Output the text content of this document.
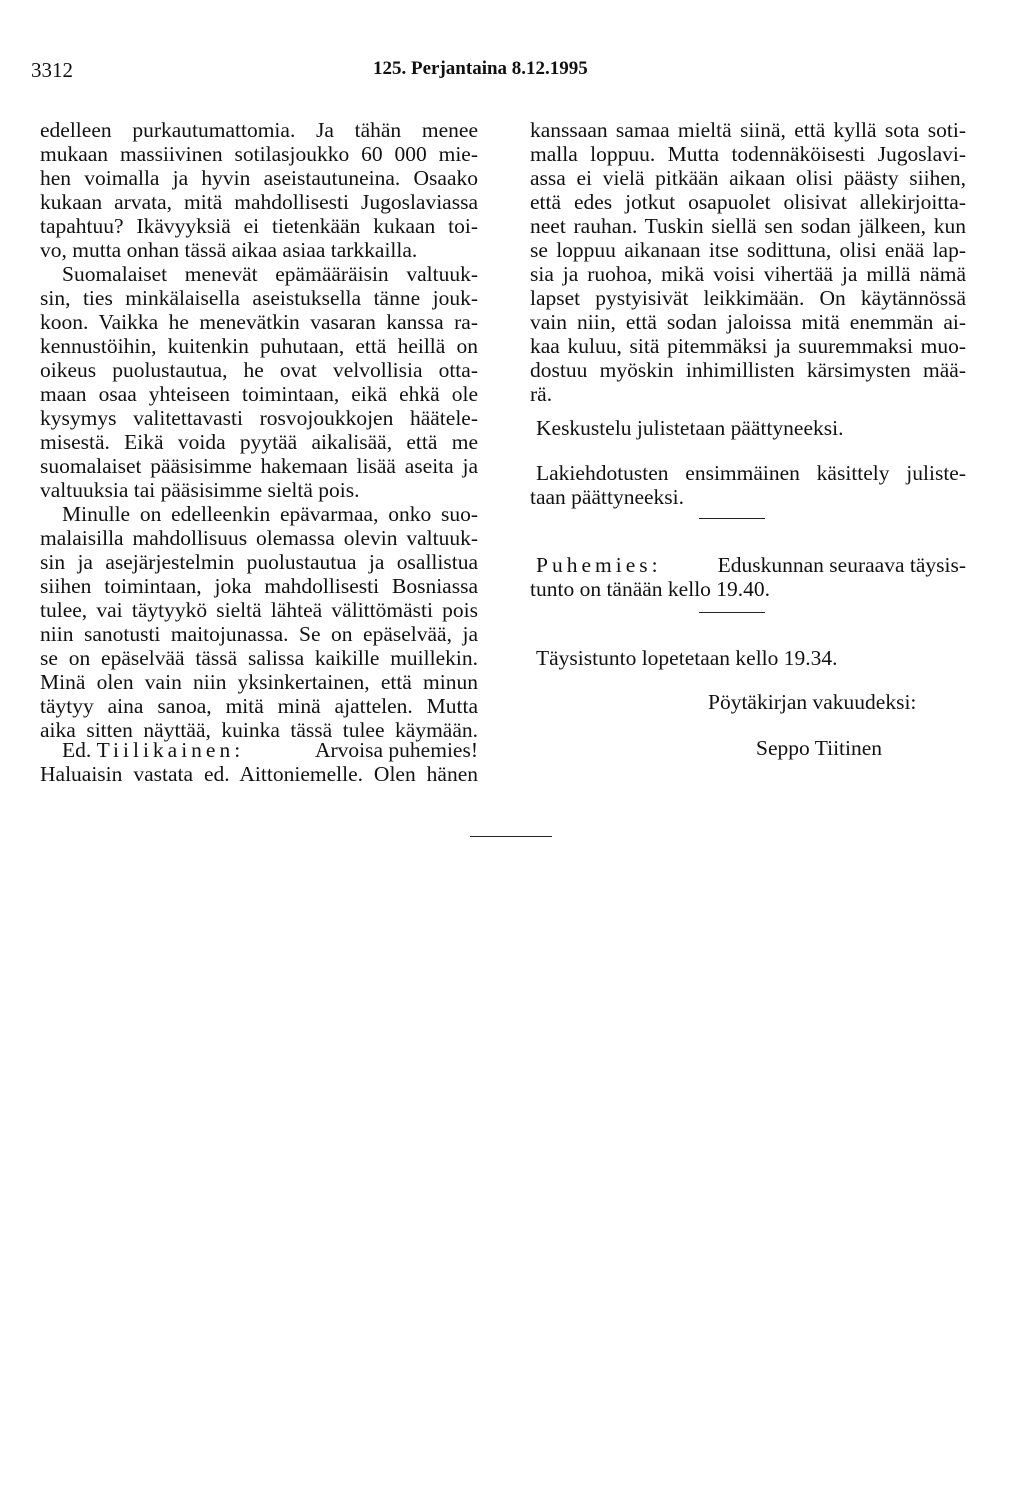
3312	125. Perjantaina 8.12.1995
edelleen purkautumattomia. Ja tähän menee
mukaan massiivinen sotilasjoukko 60 000 mie-
hen voimalla ja hyvin aseistautuneina. Osaako
kukaan arvata, mitä mahdollisesti Jugoslaviassa
tapahtuu? Ikävyyksiä ei tietenkään kukaan toi-
vo, mutta onhan tässä aikaa asiaa tarkkailla.
Suomalaiset menevät epämääräisin valtuuk-
sin, ties minkälaisella aseistuksella tänne jouk-
koon. Vaikka he menevätkin vasaran kanssa ra-
kennustöihin, kuitenkin puhutaan, että heillä on
oikeus puolustautua, he ovat velvollisia otta-
maan osaa yhteiseen toimintaan, eikä ehkä ole
kysymys valitettavasti rosvojoukkojen häätele-
misestä. Eikä voida pyytää aikalisää, että me
suomalaiset pääsisimme hakemaan lisää aseita ja
valtuuksia tai pääsisimme sieltä pois.
Minulle on edelleenkin epävarmaa, onko suo-
malaisilla mahdollisuus olemassa olevin valtuuk-
sin ja asejärjestelmin puolustautua ja osallistua
siihen toimintaan, joka mahdollisesti Bosniassa
tulee, vai täytyykö sieltä lähteä välittömästi pois
niin sanotusti maitojunassa. Se on epäselvää, ja
se on epäselvää tässä salissa kaikille muillekin.
Minä olen vain niin yksinkertainen, että minun
täytyy aina sanoa, mitä minä ajattelen. Mutta
aika sitten näyttää, kuinka tässä tulee käymään.
Ed. Tiilikainen:	Arvoisa puhemies!
Haluaisin vastata ed. Aittoniemelle. Olen hänen
kanssaan samaa mieltä siinä, että kyllä sota soti-
malla loppuu. Mutta todennäköisesti Jugoslavi-
assa ei vielä pitkään aikaan olisi päästy siihen,
että edes jotkut osapuolet olisivat allekirjoitta-
neet rauhan. Tuskin siellä sen sodan jälkeen, kun
se loppuu aikanaan itse sodittuna, olisi enää lap-
sia ja ruohoa, mikä voisi vihertää ja millä nämä
lapset pystyisivät leikkimään. On käytännössä
vain niin, että sodan jaloissa mitä enemmän ai-
kaa kuluu, sitä pitemmäksi ja suuremmaksi muo-
dostuu myöskin inhimillisten kärsimysten mää-
rä.
Keskustelu julistetaan päättyneeksi.
Lakiehdotusten ensimmäinen käsittely juliste-
taan päättyneeksi.
Puhemies:	Eduskunnan seuraava täysis-
tunto on tänään kello 19.40.
Täysistunto lopetetaan kello 19.34.
Pöytäkirjan vakuudeksi:
Seppo Tiitinen
